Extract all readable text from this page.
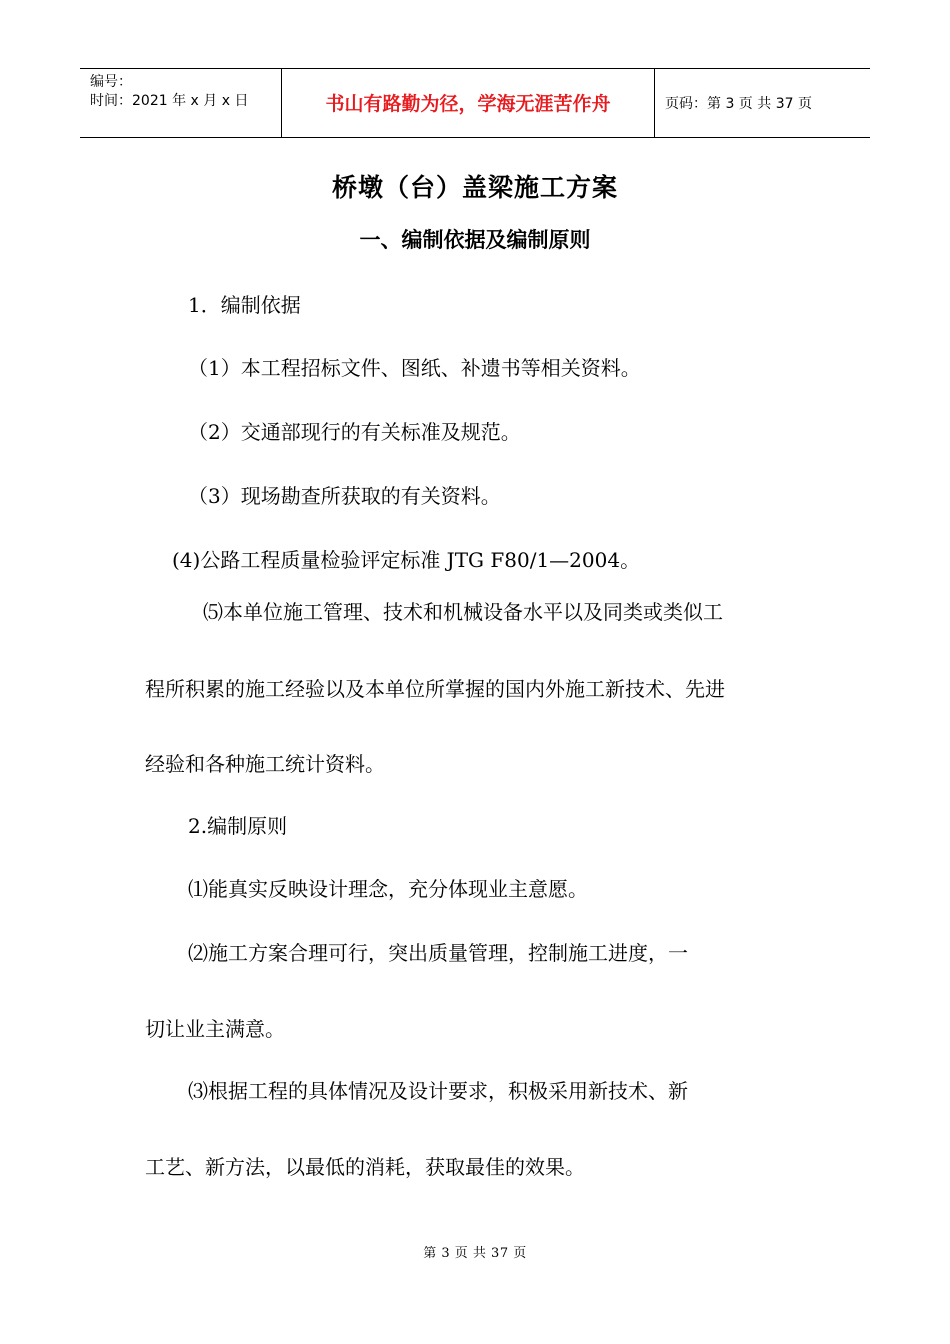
编号：
时间：2021 年 x 月 x 日	书山有路勤为径，学海无涯苦作舟	页码：第 3 页 共 37 页
桥墩（台）盖梁施工方案
一、编制依据及编制原则
1．编制依据
（1）本工程招标文件、图纸、补遗书等相关资料。
（2）交通部现行的有关标准及规范。
（3）现场勘查所获取的有关资料。
(4)公路工程质量检验评定标准 JTG F80/1—2004。
⑸本单位施工管理、技术和机械设备水平以及同类或类似工
程所积累的施工经验以及本单位所掌握的国内外施工新技术、先进
经验和各种施工统计资料。
2.编制原则
⑴能真实反映设计理念，充分体现业主意愿。
⑵施工方案合理可行，突出质量管理，控制施工进度，一
切让业主满意。
⑶根据工程的具体情况及设计要求，积极采用新技术、新
工艺、新方法，以最低的消耗，获取最佳的效果。
第 3 页 共 37 页
